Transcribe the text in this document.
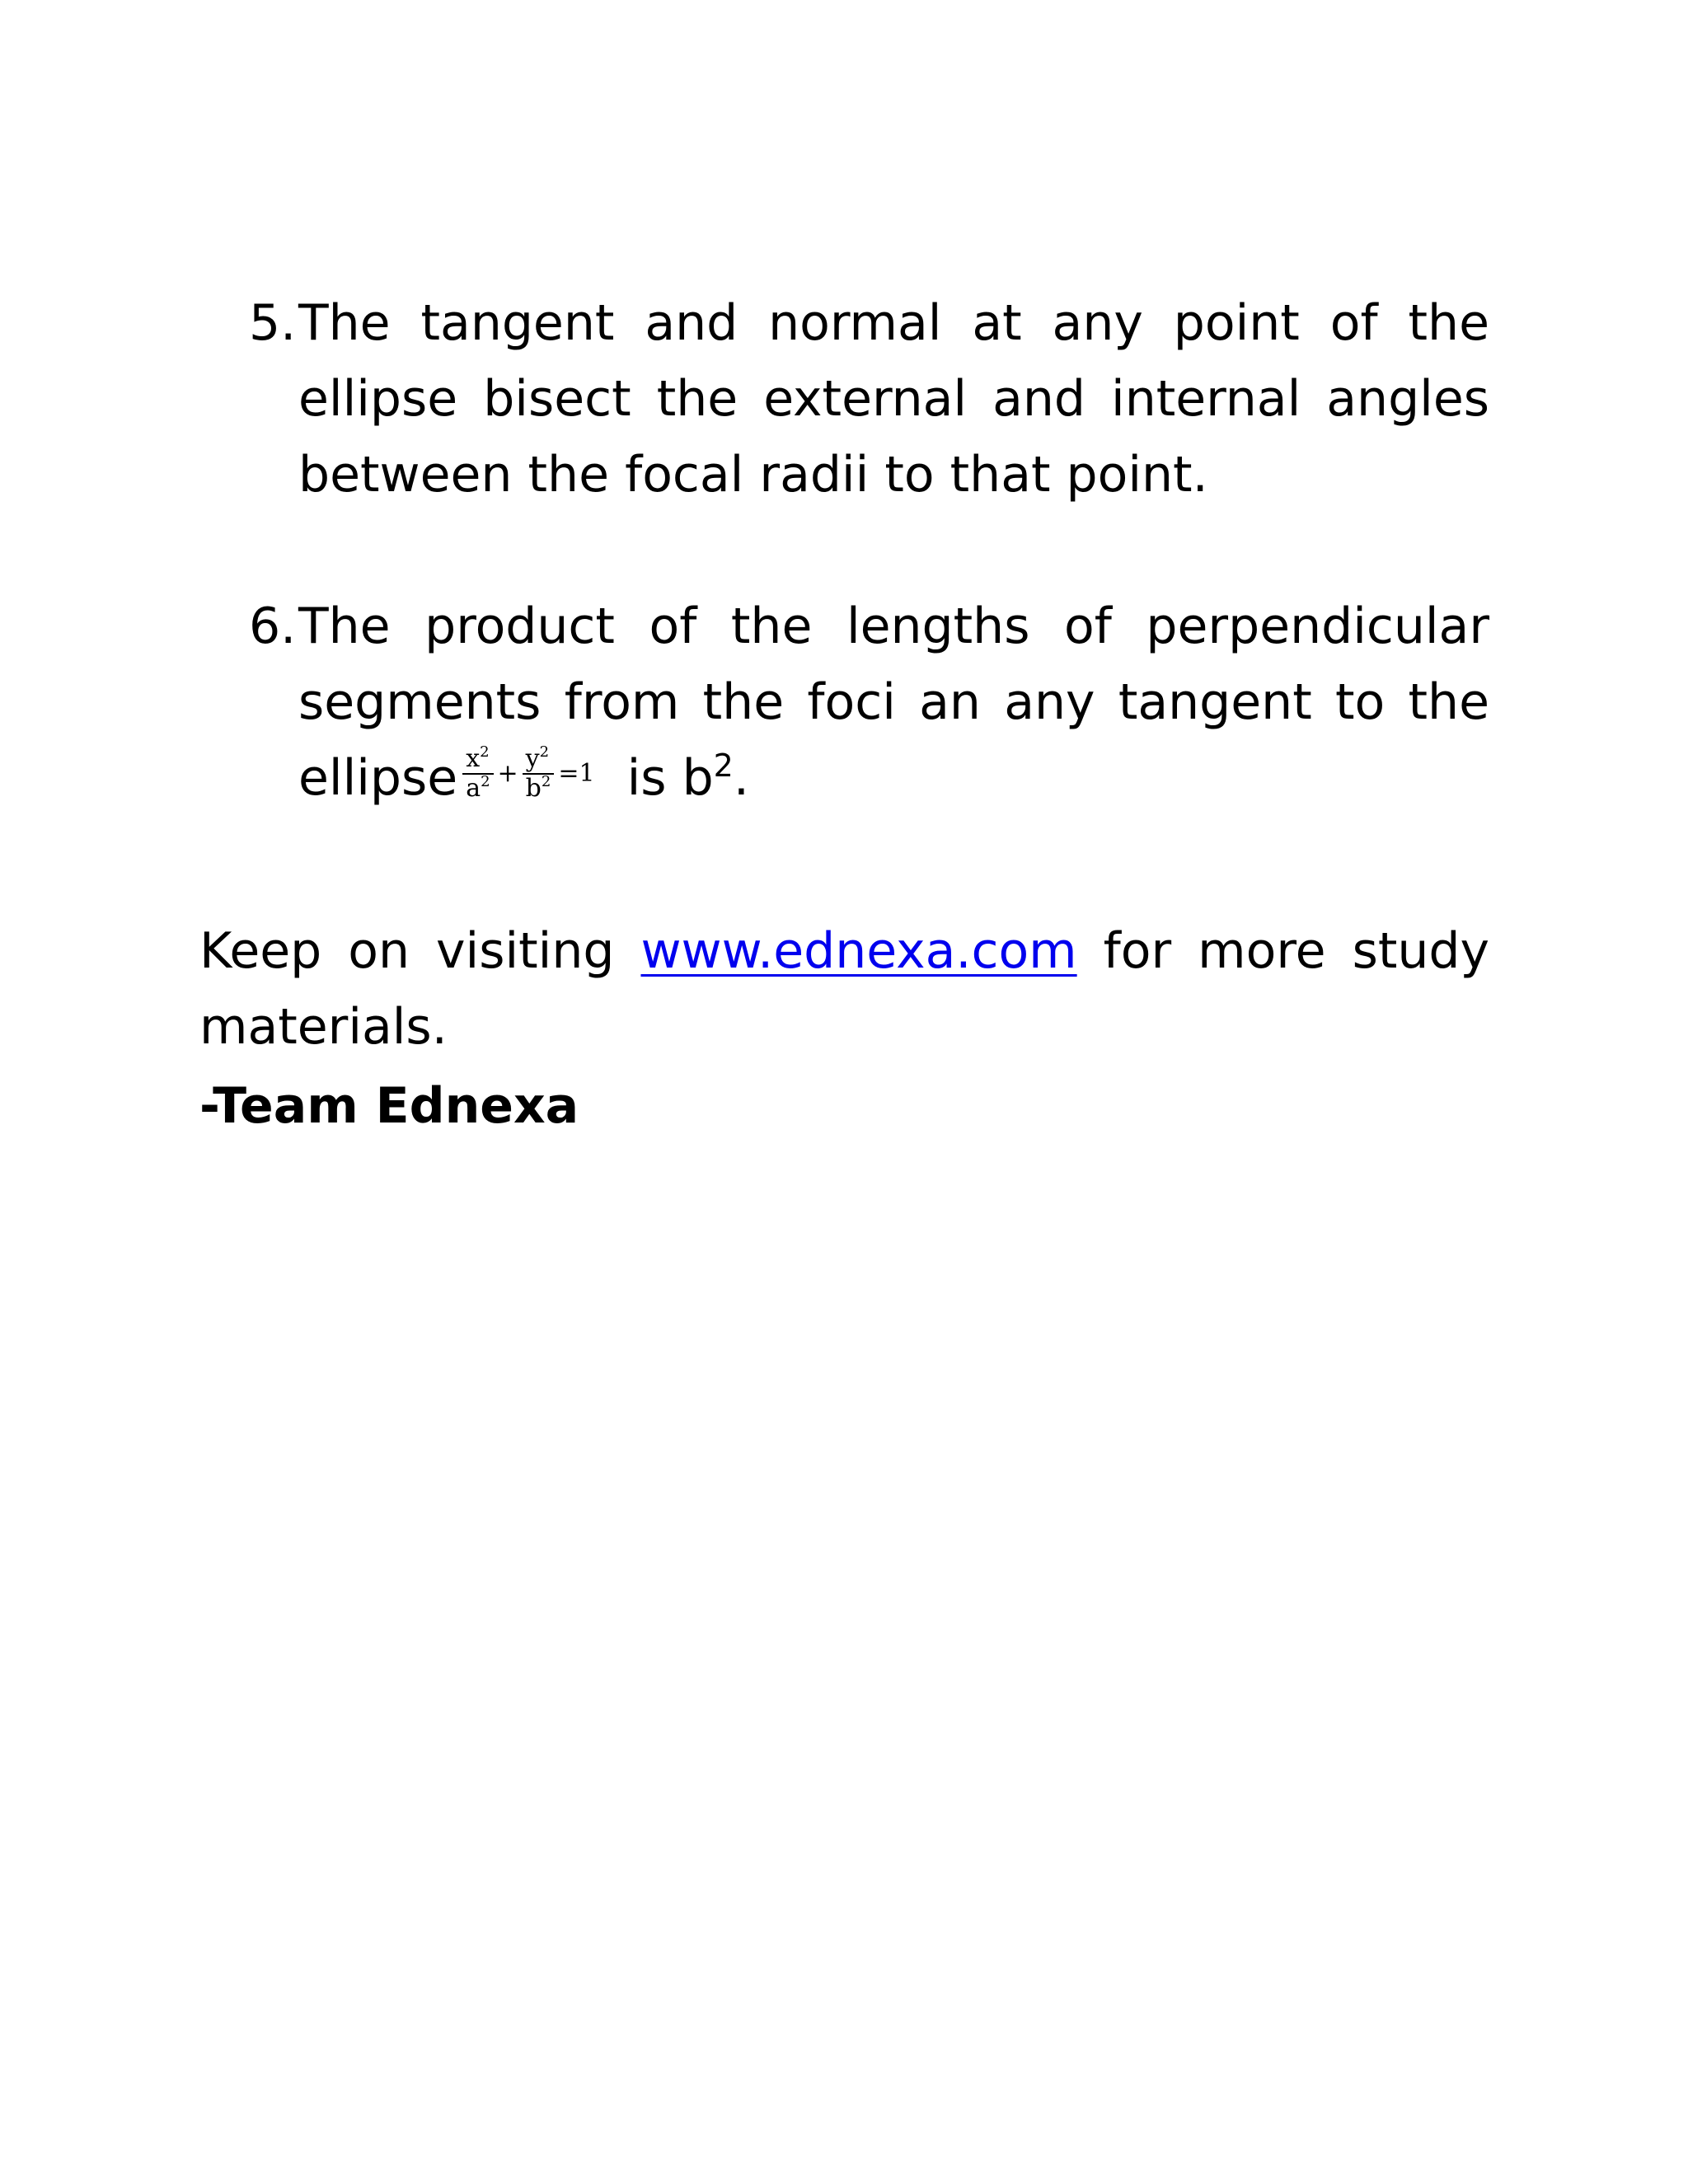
5. The tangent and normal at any point of the
ellipse bisect the external and internal angles
between the focal radii to that point.
6. The product of the lengths of perpendicular
segments from the foci an any tangent to the
ellipse $\frac{x^2}{a^2} + \frac{y^2}{b^2} =1$ is $b^2$.
Keep on visiting www.ednexa.com for more study
materials.
-Team Ednexa
